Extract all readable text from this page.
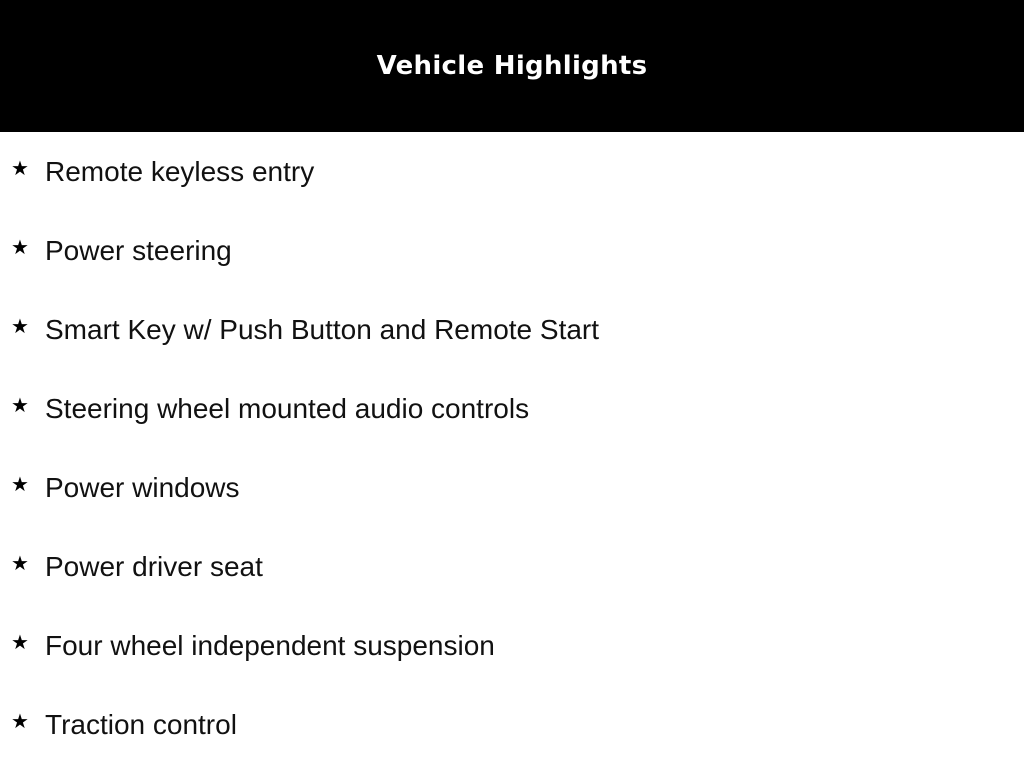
Vehicle Highlights
★ Remote keyless entry
★ Power steering
★ Smart Key w/ Push Button and Remote Start
★ Steering wheel mounted audio controls
★ Power windows
★ Power driver seat
★ Four wheel independent suspension
★ Traction control
